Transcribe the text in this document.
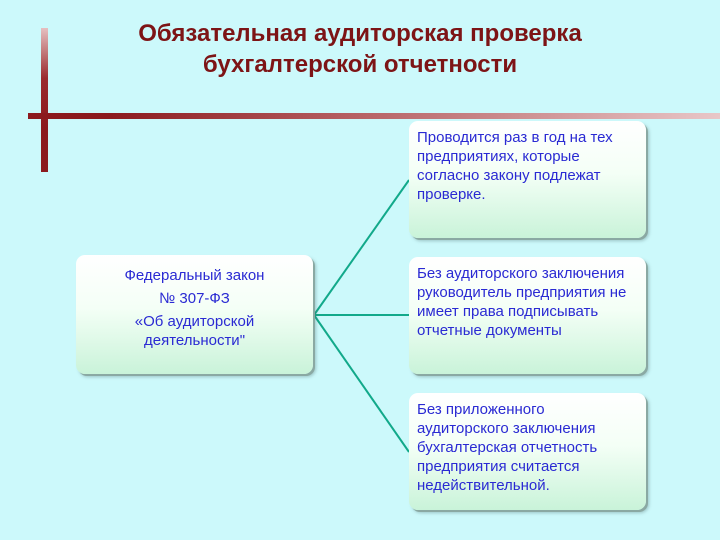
Обязательная аудиторская проверка
бухгалтерской отчетности
Федеральный закон
№ 307-ФЗ
«Об аудиторской
деятельности"
Проводится раз в год на тех предприятиях, которые согласно закону подлежат проверке.
Без аудиторского заключения руководитель предприятия не имеет права подписывать отчетные документы
Без приложенного аудиторского заключения бухгалтерская отчетность предприятия считается недействительной.
